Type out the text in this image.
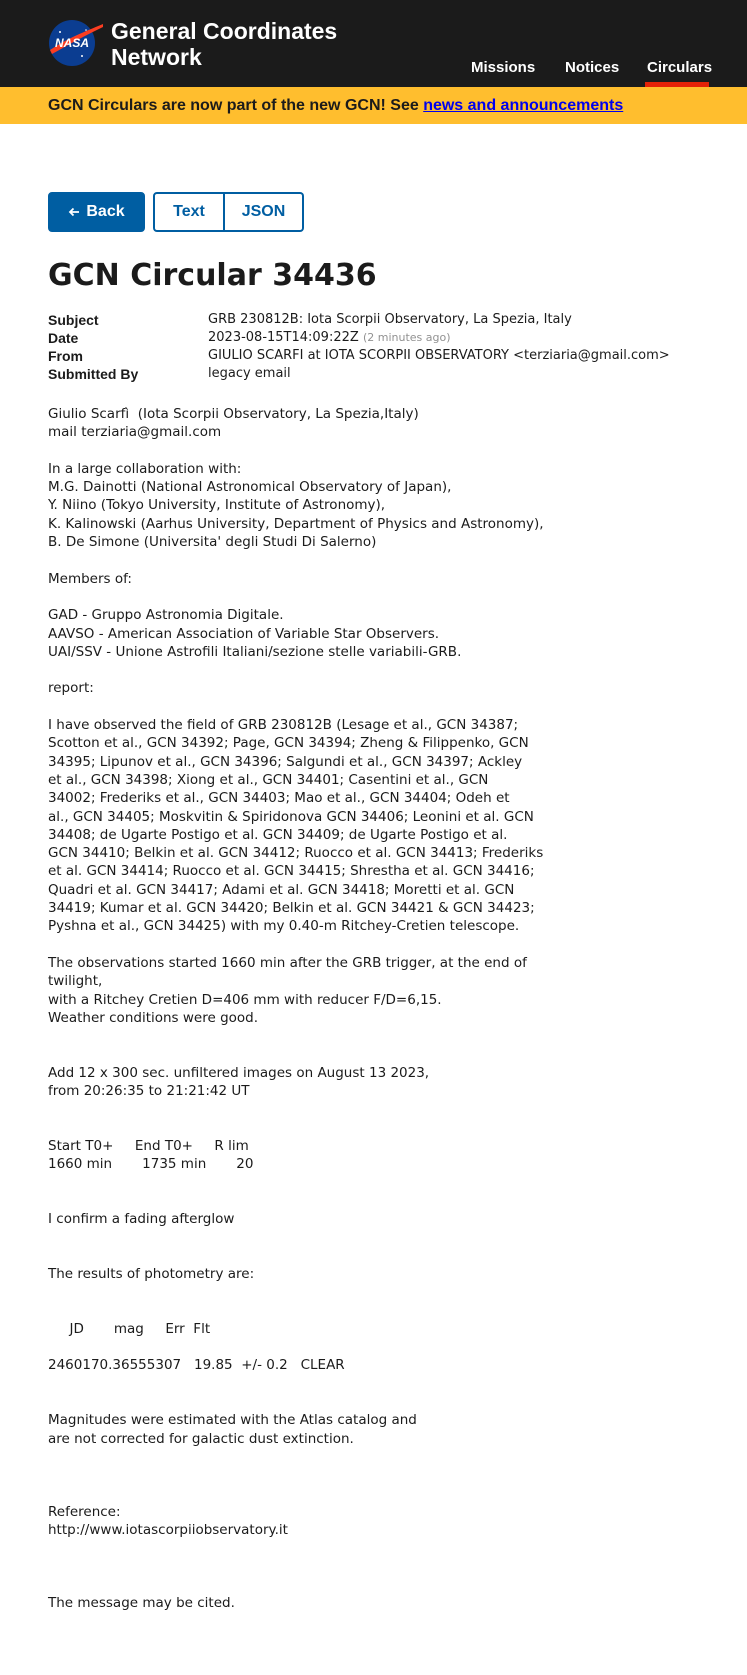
NASA General Coordinates
Network	Missions Notices Circulars
GCN Circulars are now part of the new GCN! See news and announcements
Back	Text	JSON
GCN Circular 34436
Subject	GRB 230812B: Iota Scorpii Observatory, La Spezia, Italy
Date	2023-08-15T14:09:22Z (2 minutes ago)
From	GIULIO SCARFI at IOTA SCORPII OBSERVATORY <terziaria@gmail.com>
Submitted By	legacy email
Giulio Scarfì  (Iota Scorpii Observatory, La Spezia,Italy)
mail terziaria@gmail.com

In a large collaboration with:
M.G. Dainotti (National Astronomical Observatory of Japan),
Y. Niino (Tokyo University, Institute of Astronomy),
K. Kalinowski (Aarhus University, Department of Physics and Astronomy),
B. De Simone (Universita' degli Studi Di Salerno)

Members of:

GAD - Gruppo Astronomia Digitale.
AAVSO - American Association of Variable Star Observers.
UAI/SSV - Unione Astrofili Italiani/sezione stelle variabili-GRB.

report:

I have observed the field of GRB 230812B (Lesage et al., GCN 34387;
Scotton et al., GCN 34392; Page, GCN 34394; Zheng & Filippenko, GCN
34395; Lipunov et al., GCN 34396; Salgundi et al., GCN 34397; Ackley
et al., GCN 34398; Xiong et al., GCN 34401; Casentini et al., GCN
34002; Frederiks et al., GCN 34403; Mao et al., GCN 34404; Odeh et
al., GCN 34405; Moskvitin & Spiridonova GCN 34406; Leonini et al. GCN
34408; de Ugarte Postigo et al. GCN 34409; de Ugarte Postigo et al.
GCN 34410; Belkin et al. GCN 34412; Ruocco et al. GCN 34413; Frederiks
et al. GCN 34414; Ruocco et al. GCN 34415; Shrestha et al. GCN 34416;
Quadri et al. GCN 34417; Adami et al. GCN 34418; Moretti et al. GCN
34419; Kumar et al. GCN 34420; Belkin et al. GCN 34421 & GCN 34423;
Pyshna et al., GCN 34425) with my 0.40-m Ritchey-Cretien telescope.

The observations started 1660 min after the GRB trigger, at the end of
twilight,
with a Ritchey Cretien D=406 mm with reducer F/D=6,15.
Weather conditions were good.

Add 12 x 300 sec. unfiltered images on August 13 2023,
from 20:26:35 to 21:21:42 UT

Start T0+     End T0+     R lim
1660 min       1735 min       20

I confirm a fading afterglow

The results of photometry are:

JD       mag     Err  Flt

2460170.36555307   19.85  +/- 0.2   CLEAR

Magnitudes were estimated with the Atlas catalog and
are not corrected for galactic dust extinction.

Reference:
http://www.iotascorpiiobservatory.it

The message may be cited.
